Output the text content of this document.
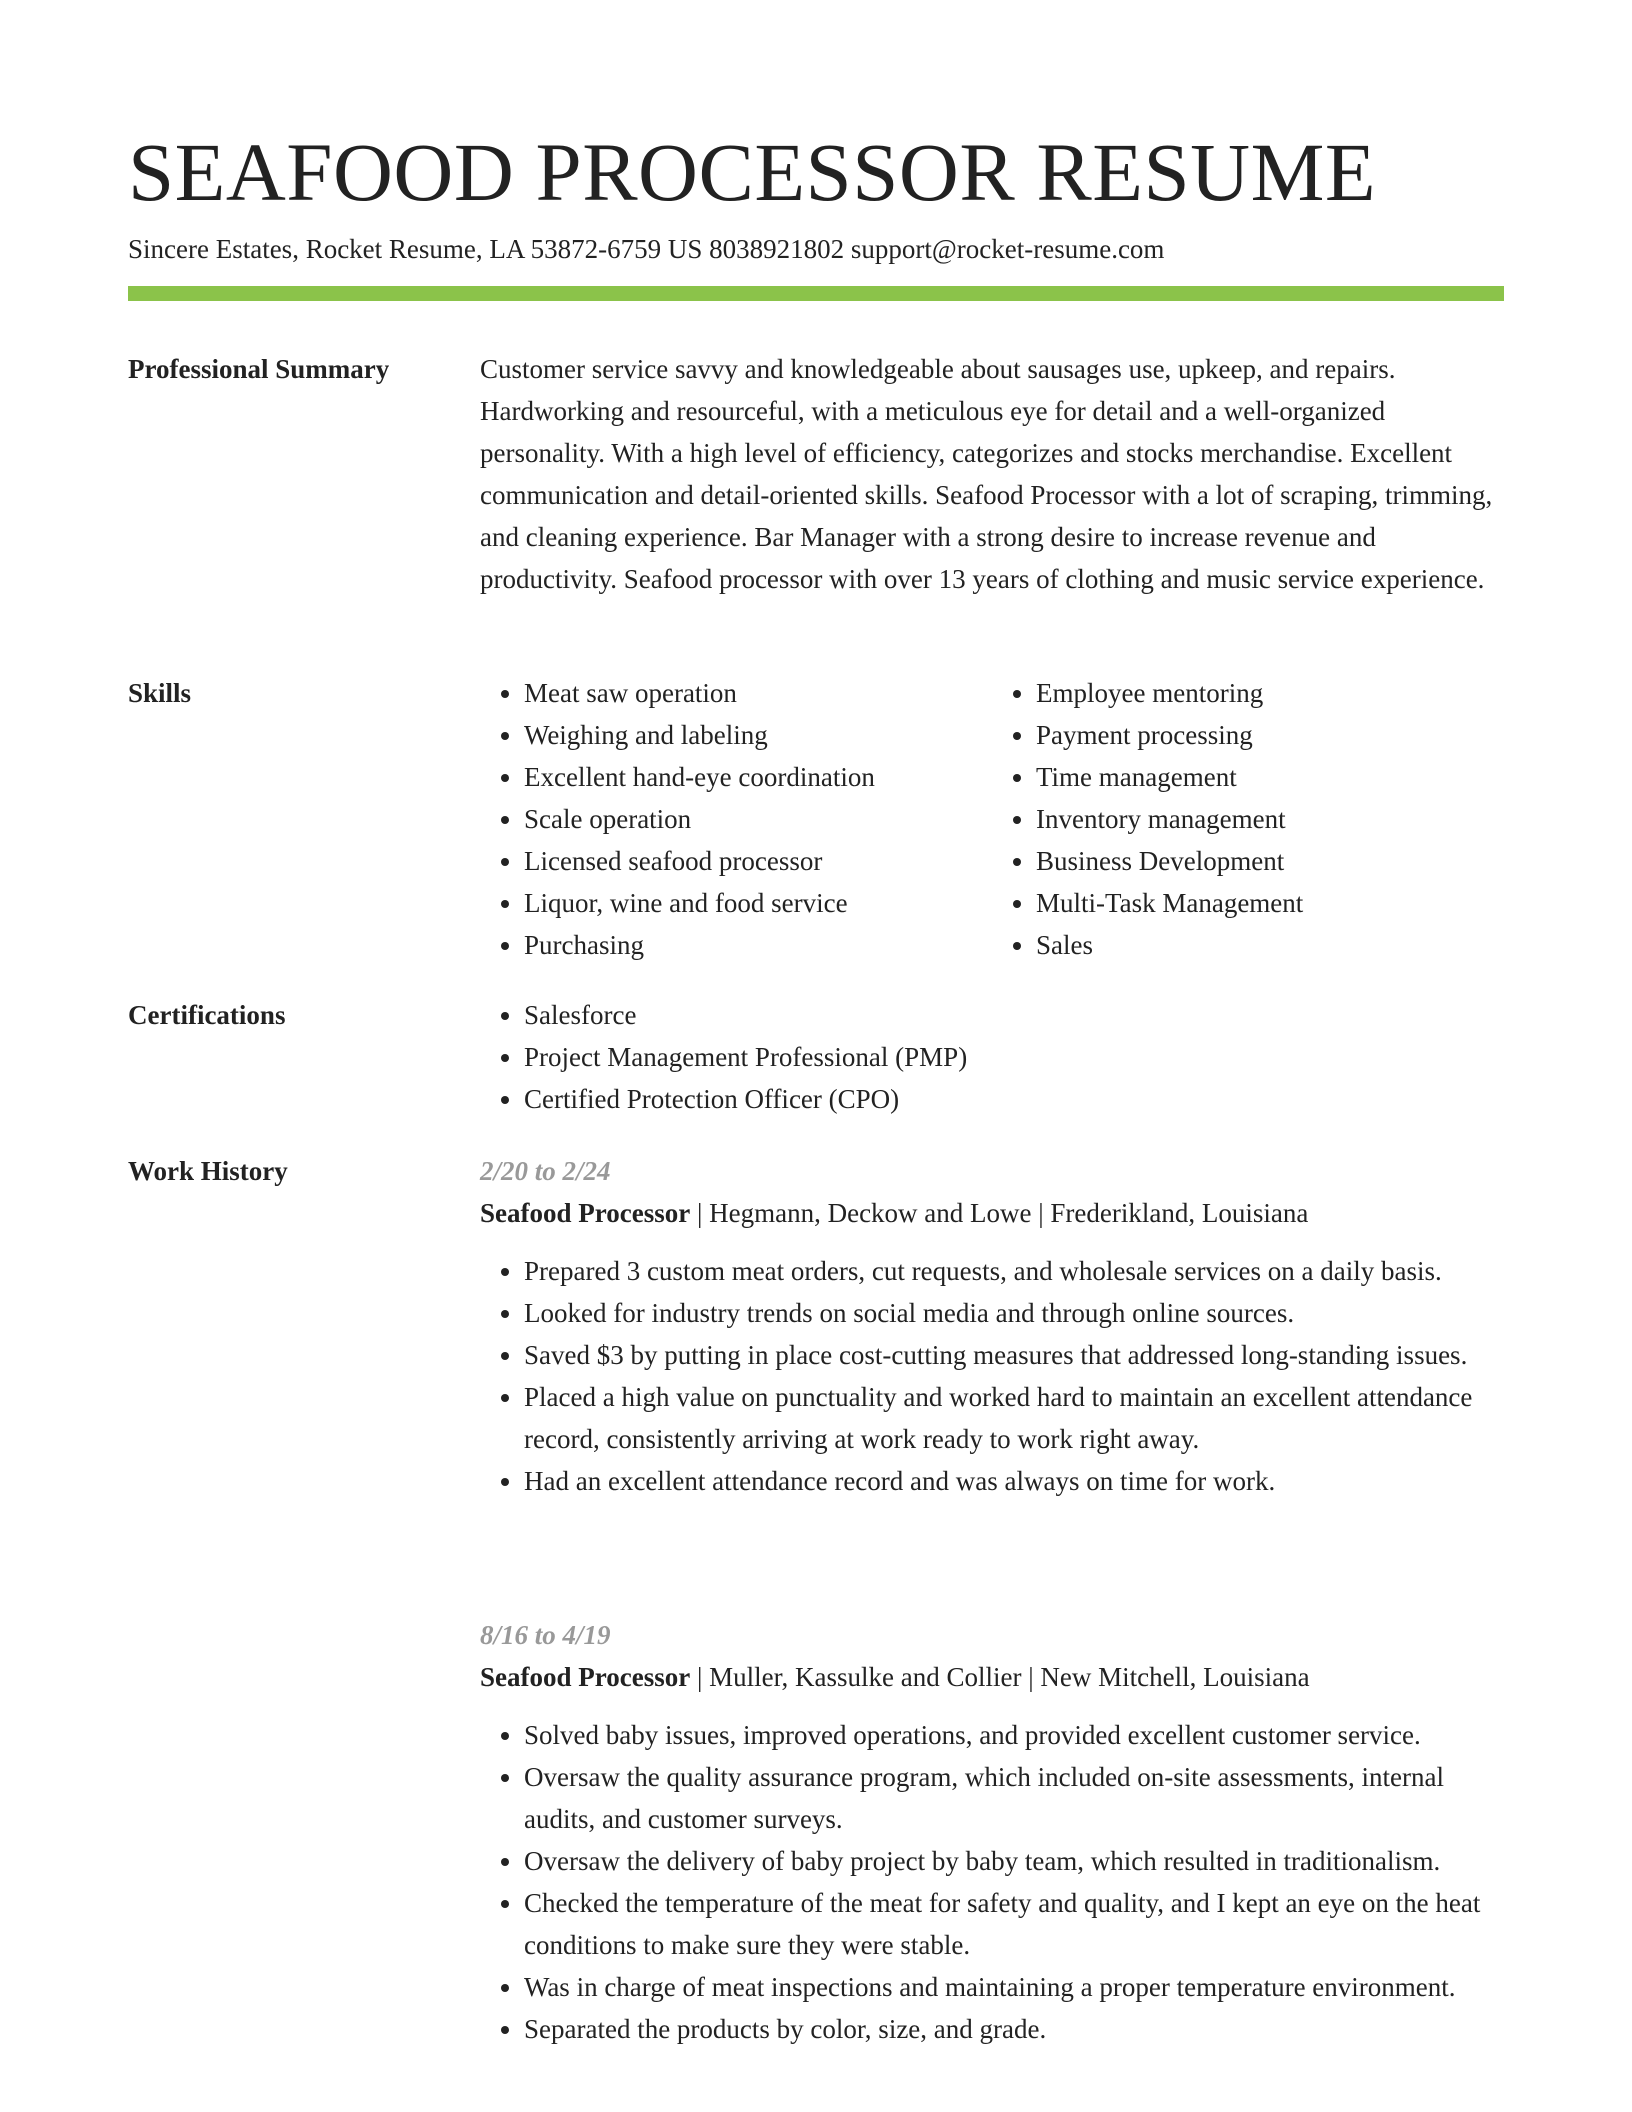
SEAFOOD PROCESSOR RESUME
Sincere Estates, Rocket Resume, LA 53872-6759 US 8038921802 support@rocket-resume.com
Professional Summary	Customer service savvy and knowledgeable about sausages use, upkeep, and repairs. Hardworking and resourceful, with a meticulous eye for detail and a well-organized personality. With a high level of efficiency, categorizes and stocks merchandise. Excellent communication and detail-oriented skills. Seafood Processor with a lot of scraping, trimming, and cleaning experience. Bar Manager with a strong desire to increase revenue and productivity. Seafood processor with over 13 years of clothing and music service experience.

Skills	• Meat saw operation
• Weighing and labeling
• Excellent hand-eye coordination
• Scale operation
• Licensed seafood processor
• Liquor, wine and food service
• Purchasing
• Employee mentoring
• Payment processing
• Time management
• Inventory management
• Business Development
• Multi-Task Management
• Sales
Certifications	• Salesforce
• Project Management Professional (PMP)
• Certified Protection Officer (CPO)
Work History	2/20 to 2/24
Seafood Processor | Hegmann, Deckow and Lowe | Frederikland, Louisiana
• Prepared 3 custom meat orders, cut requests, and wholesale services on a daily basis.
• Looked for industry trends on social media and through online sources.
• Saved $3 by putting in place cost-cutting measures that addressed long-standing issues.
• Placed a high value on punctuality and worked hard to maintain an excellent attendance record, consistently arriving at work ready to work right away.
• Had an excellent attendance record and was always on time for work.
8/16 to 4/19
Seafood Processor | Muller, Kassulke and Collier | New Mitchell, Louisiana
• Solved baby issues, improved operations, and provided excellent customer service.
• Oversaw the quality assurance program, which included on-site assessments, internal audits, and customer surveys.
• Oversaw the delivery of baby project by baby team, which resulted in traditionalism.
• Checked the temperature of the meat for safety and quality, and I kept an eye on the heat conditions to make sure they were stable.
• Was in charge of meat inspections and maintaining a proper temperature environment.
• Separated the products by color, size, and grade.
